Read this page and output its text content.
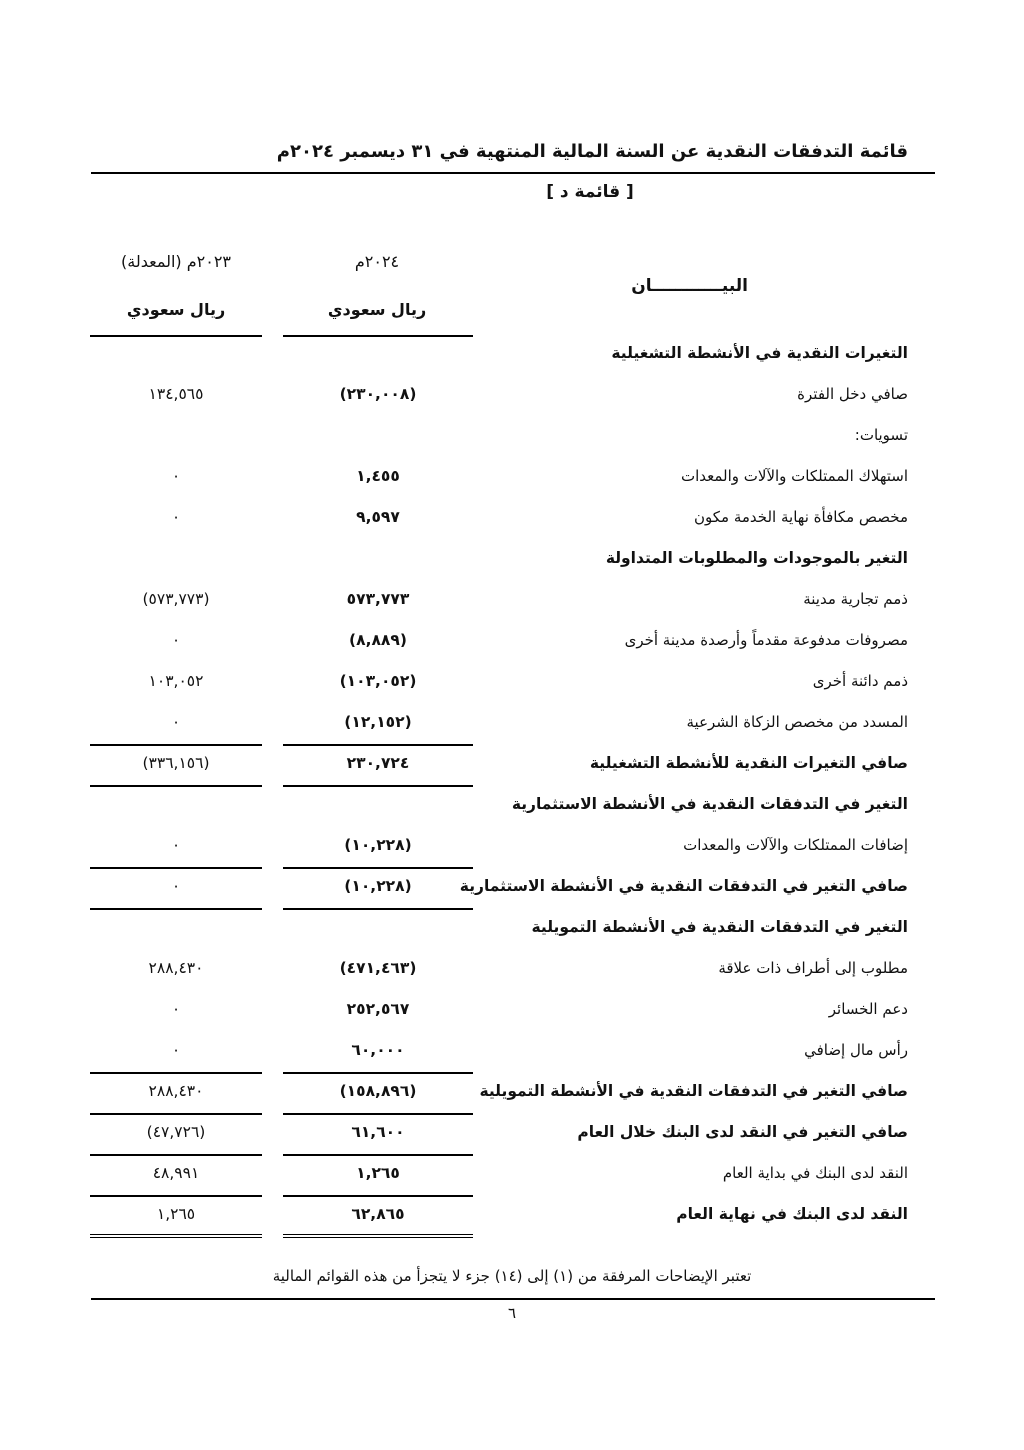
قائمة التدفقات النقدية عن السنة المالية المنتهية في ٣١ ديسمبر ٢٠٢٤م
[ قائمة د ]
٢٠٢٤م
ريال سعودي
٢٠٢٣م (المعدلة)
ريال سعودي
البيــــــــــــان
التغيرات النقدية في الأنشطة التشغيلية
صافي دخل الفترة
(٢٣٠,٠٠٨)
١٣٤,٥٦٥
تسويات:
استهلاك الممتلكات والآلات والمعدات
١,٤٥٥
٠
مخصص مكافأة نهاية الخدمة مكون
٩,٥٩٧
٠
التغير بالموجودات والمطلوبات المتداولة
ذمم تجارية مدينة
٥٧٣,٧٧٣
(٥٧٣,٧٧٣)
مصروفات مدفوعة مقدماً وأرصدة مدينة أخرى
(٨,٨٨٩)
٠
ذمم دائنة أخرى
(١٠٣,٠٥٢)
١٠٣,٠٥٢
المسدد من مخصص الزكاة الشرعية
(١٢,١٥٢)
٠
صافي التغيرات النقدية للأنشطة التشغيلية
٢٣٠,٧٢٤
(٣٣٦,١٥٦)
التغير في التدفقات النقدية في الأنشطة الاستثمارية
إضافات الممتلكات والآلات والمعدات
(١٠,٢٢٨)
٠
صافي التغير في التدفقات النقدية في الأنشطة الاستثمارية
(١٠,٢٢٨)
٠
التغير في التدفقات النقدية في الأنشطة التمويلية
مطلوب إلى أطراف ذات علاقة
(٤٧١,٤٦٣)
٢٨٨,٤٣٠
دعم الخسائر
٢٥٢,٥٦٧
٠
رأس مال إضافي
٦٠,٠٠٠
٠
صافي التغير في التدفقات النقدية في الأنشطة التمويلية
(١٥٨,٨٩٦)
٢٨٨,٤٣٠
صافي التغير في النقد لدى البنك خلال العام
٦١,٦٠٠
(٤٧,٧٢٦)
النقد لدى البنك في بداية العام
١,٢٦٥
٤٨,٩٩١
النقد لدى البنك في نهاية العام
٦٢,٨٦٥
١,٢٦٥
تعتبر الإيضاحات المرفقة من (١) إلى (١٤) جزء لا يتجزأ من هذه القوائم المالية
٦
